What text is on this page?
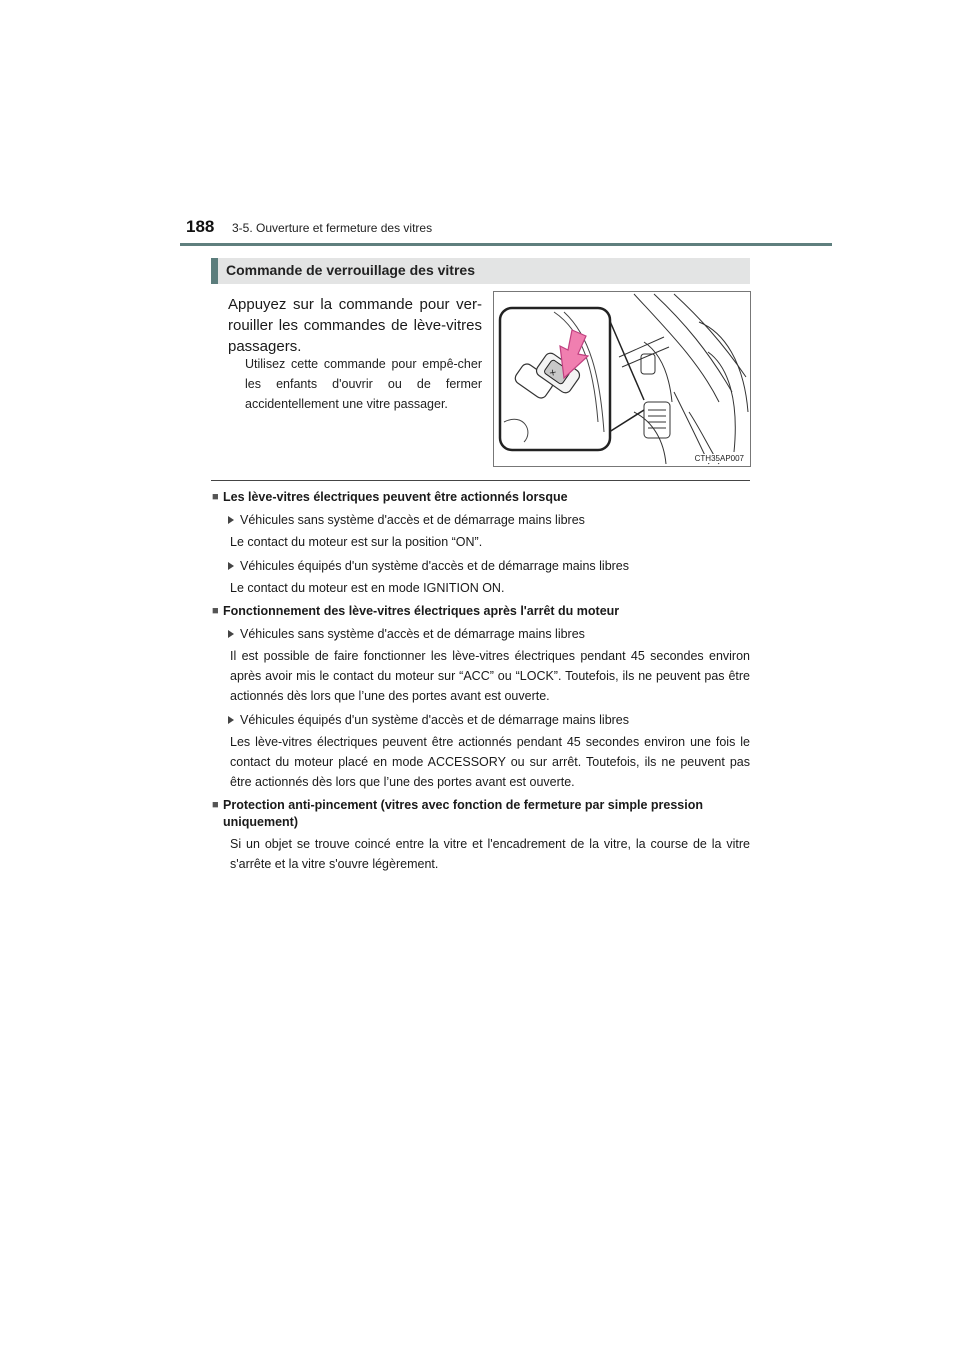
188 3-5. Ouverture et fermeture des vitres
Commande de verrouillage des vitres
Appuyez sur la commande pour ver-rouiller les commandes de lève-vitres passagers.
Utilisez cette commande pour empê-cher les enfants d'ouvrir ou de fermer accidentellement une vitre passager.
✕
CTH35AP007
■ Les lève-vitres électriques peuvent être actionnés lorsque
Véhicules sans système d'accès et de démarrage mains libres
Le contact du moteur est sur la position “ON”.
Véhicules équipés d'un système d'accès et de démarrage mains libres
Le contact du moteur est en mode IGNITION ON.
■ Fonctionnement des lève-vitres électriques après l'arrêt du moteur
Véhicules sans système d'accès et de démarrage mains libres
Il est possible de faire fonctionner les lève-vitres électriques pendant 45 secondes environ après avoir mis le contact du moteur sur “ACC” ou “LOCK”. Toutefois, ils ne peuvent pas être actionnés dès lors que l’une des portes avant est ouverte.
Véhicules équipés d'un système d'accès et de démarrage mains libres
Les lève-vitres électriques peuvent être actionnés pendant 45 secondes environ une fois le contact du moteur placé en mode ACCESSORY ou sur arrêt. Toutefois, ils ne peuvent pas être actionnés dès lors que l’une des portes avant est ouverte.
■ Protection anti-pincement (vitres avec fonction de fermeture par simple pression uniquement)
Si un objet se trouve coincé entre la vitre et l'encadrement de la vitre, la course de la vitre s'arrête et la vitre s'ouvre légèrement.
